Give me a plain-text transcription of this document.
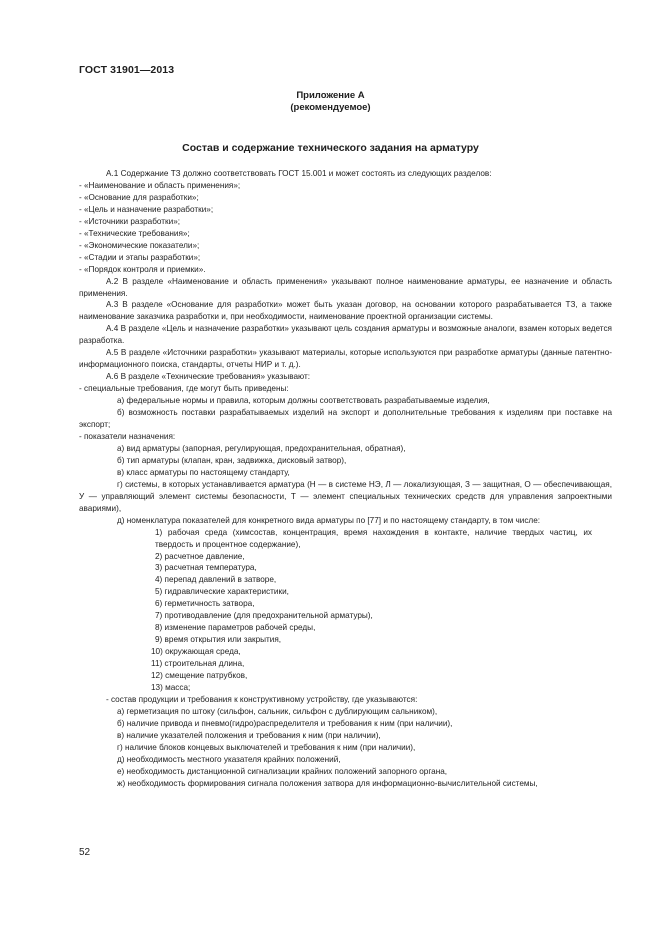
ГОСТ 31901—2013
Приложение А
(рекомендуемое)
Состав и содержание технического задания на арматуру

А.1 Содержание ТЗ должно соответствовать ГОСТ 15.001 и может состоять из следующих разделов:

- «Наименование и область применения»;
- «Основание для разработки»;
- «Цель и назначение разработки»;
- «Источники разработки»;
- «Технические требования»;
- «Экономические показатели»;
- «Стадии и этапы разработки»;
- «Порядок контроля и приемки».

А.2 В разделе «Наименование и область применения» указывают полное наименование арматуры, ее назначение и область применения.

А.3 В разделе «Основание для разработки» может быть указан договор, на основании которого разрабатывается ТЗ, а также наименование заказчика разработки и, при необходимости, наименование проектной организации системы.

А.4 В разделе «Цель и назначение разработки» указывают цель создания арматуры и возможные аналоги, взамен которых ведется разработка.

А.5 В разделе «Источники разработки» указывают материалы, которые используются при разработке арматуры (данные патентно-информационного поиска, стандарты, отчеты НИР и т. д.).

А.6 В разделе «Технические требования» указывают:

- специальные требования, где могут быть приведены:

а) федеральные нормы и правила, которым должны соответствовать разрабатываемые изделия,

б) возможность поставки разрабатываемых изделий на экспорт и дополнительные требования к изделиям при поставке на экспорт;

- показатели назначения:
а) вид арматуры (запорная, регулирующая, предохранительная, обратная),
б) тип арматуры (клапан, кран, задвижка, дисковый затвор),
в) класс арматуры по настоящему стандарту,

г) системы, в которых устанавливается арматура (Н — в системе НЭ, Л — локализующая, З — защитная, О — обеспечивающая, У — управляющий элемент системы безопасности, Т — элемент специальных технических средств для управления запроектными авариями),

д) номенклатура показателей для конкретного вида арматуры по [77] и по настоящему стандарту, в том числе:

1) рабочая среда (химсостав, концентрация, время нахождения в контакте, наличие твердых частиц, их твердость и процентное содержание),

2) расчетное давление,
3) расчетная температура,
4) перепад давлений в затворе,
5) гидравлические характеристики,
6) герметичность затвора,
7) противодавление (для предохранительной арматуры),
8) изменение параметров рабочей среды,
9) время открытия или закрытия,
10) окружающая среда,
11) строительная длина,
12) смещение патрубков,
13) масса;
- состав продукции и требования к конструктивному устройству, где указываются:
а) герметизация по штоку (сильфон, сальник, сильфон с дублирующим сальником),
б) наличие привода и пневмо(гидро)распределителя и требования к ним (при наличии),
в) наличие указателей положения и требования к ним (при наличии),
г) наличие блоков концевых выключателей и требования к ним (при наличии),
д) необходимость местного указателя крайних положений,
е) необходимость дистанционной сигнализации крайних положений запорного органа,

ж) необходимость формирования сигнала положения затвора для информационно-вычислительной системы,

52
